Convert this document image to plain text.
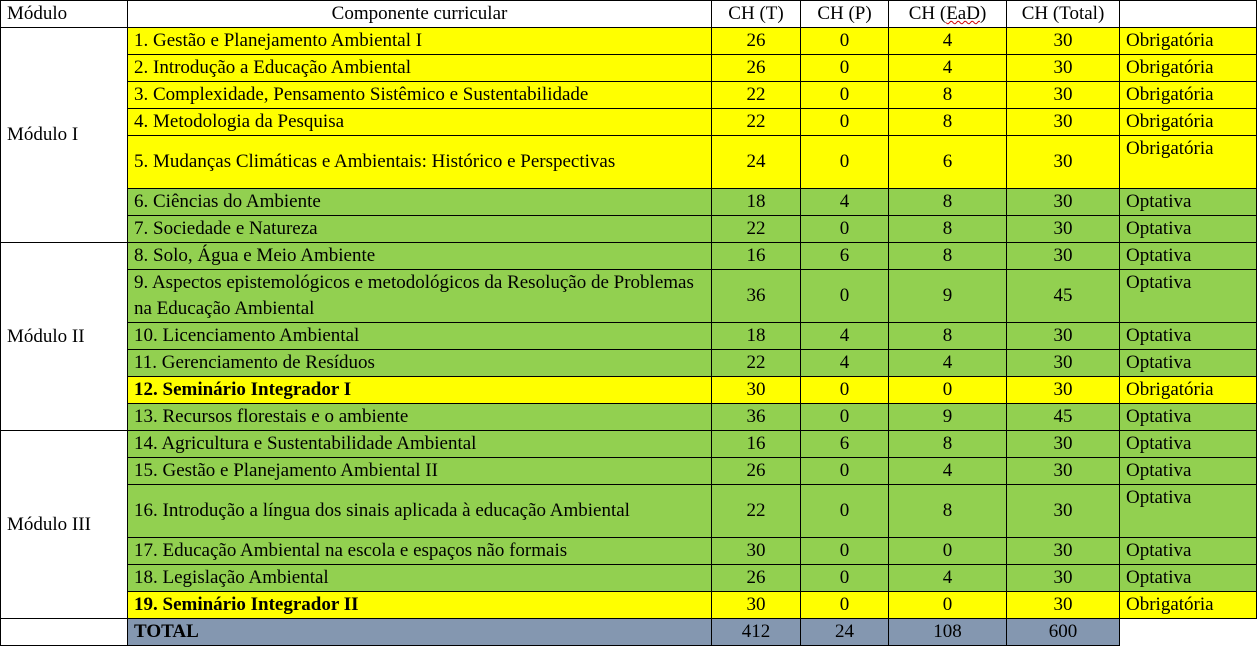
Módulo	Componente curricular	CH (T)	CH (P)	CH (EaD)	CH (Total)	
Módulo I	1. Gestão e Planejamento Ambiental I	26	0	4	30	Obrigatória
	2. Introdução a Educação Ambiental	26	0	4	30	Obrigatória
	3. Complexidade, Pensamento Sistêmico e Sustentabilidade	22	0	8	30	Obrigatória
	4. Metodologia da Pesquisa	22	0	8	30	Obrigatória
	5. Mudanças Climáticas e Ambientais: Histórico e Perspectivas	24	0	6	30	Obrigatória
	6. Ciências do Ambiente	18	4	8	30	Optativa
	7. Sociedade e Natureza	22	0	8	30	Optativa
Módulo II	8. Solo, Água e Meio Ambiente	16	6	8	30	Optativa
	9. Aspectos epistemológicos e metodológicos da Resolução de Problemas na Educação Ambiental	36	0	9	45	Optativa
	10. Licenciamento Ambiental	18	4	8	30	Optativa
	11. Gerenciamento de Resíduos	22	4	4	30	Optativa
	12. Seminário Integrador I	30	0	0	30	Obrigatória
	13. Recursos florestais e o ambiente	36	0	9	45	Optativa
Módulo III	14. Agricultura e Sustentabilidade Ambiental	16	6	8	30	Optativa
	15. Gestão e Planejamento Ambiental II	26	0	4	30	Optativa
	16. Introdução a língua dos sinais aplicada à educação Ambiental	22	0	8	30	Optativa
	17. Educação Ambiental na escola e espaços não formais	30	0	0	30	Optativa
	18. Legislação Ambiental	26	0	4	30	Optativa
	19. Seminário Integrador II	30	0	0	30	Obrigatória
	TOTAL	412	24	108	600	
